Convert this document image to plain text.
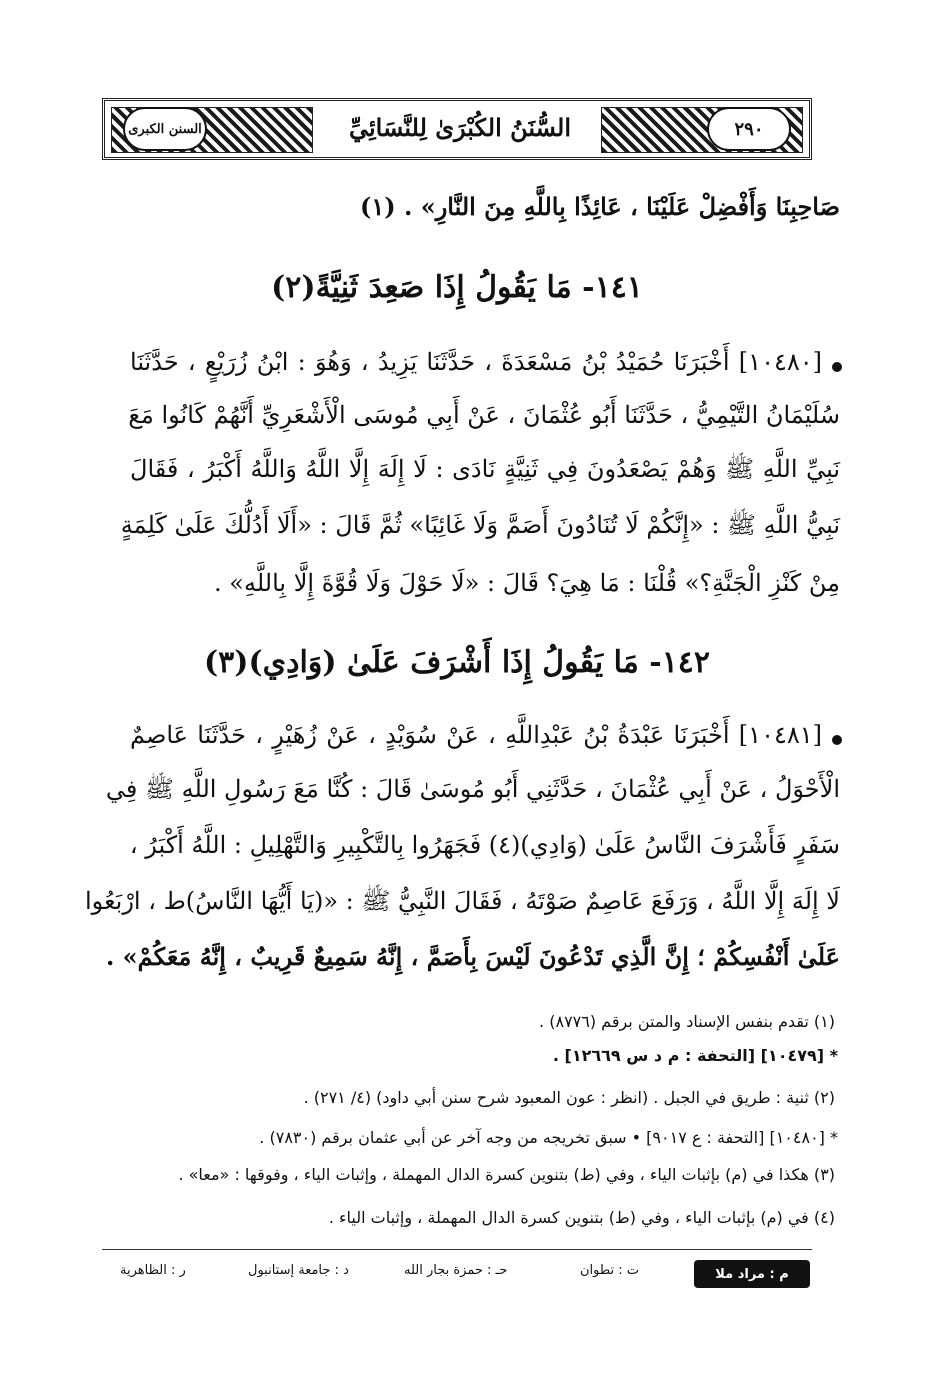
السنن الكبرى	السُّنَنُ الكُبْرَىٰ لِلنَّسَائِيِّ	٢٩٠
صَاحِبِنَا وَأَفْضِلْ عَلَيْنَا ، عَائِذًا بِاللَّهِ مِنَ النَّارِ» . (١)
١٤١- مَا يَقُولُ إِذَا صَعِدَ ثَنِيَّةً(٢)
[١٠٤٨٠] أَخْبَرَنَا حُمَيْدُ بْنُ مَسْعَدَةَ ، حَدَّثَنَا يَزِيدُ ، وَهُوَ : ابْنُ زُرَيْعٍ ، حَدَّثَنَا
سُلَيْمَانُ التَّيْمِيُّ ، حَدَّثَنَا أَبُو عُثْمَانَ ، عَنْ أَبِي مُوسَى الْأَشْعَرِيِّ أَنَّهُمْ كَانُوا مَعَ
نَبِيِّ اللَّهِ ﷺ وَهُمْ يَصْعَدُونَ فِي ثَنِيَّةٍ نَادَى : لَا إِلَهَ إِلَّا اللَّهُ وَاللَّهُ أَكْبَرُ ، فَقَالَ
نَبِيُّ اللَّهِ ﷺ : «إِنَّكُمْ لَا تُنَادُونَ أَصَمَّ وَلَا غَائِبًا» ثُمَّ قَالَ : «أَلَا أَدُلُّكَ عَلَىٰ كَلِمَةٍ
مِنْ كَنْزِ الْجَنَّةِ؟» قُلْنَا : مَا هِيَ؟ قَالَ : «لَا حَوْلَ وَلَا قُوَّةَ إِلَّا بِاللَّهِ» .
١٤٢- مَا يَقُولُ إِذَا أَشْرَفَ عَلَىٰ (وَادِي)(٣)
[١٠٤٨١] أَخْبَرَنَا عَبْدَةُ بْنُ عَبْدِاللَّهِ ، عَنْ سُوَيْدٍ ، عَنْ زُهَيْرٍ ، حَدَّثَنَا عَاصِمٌ
الْأَحْوَلُ ، عَنْ أَبِي عُثْمَانَ ، حَدَّثَنِي أَبُو مُوسَىٰ قَالَ : كُنَّا مَعَ رَسُولِ اللَّهِ ﷺ فِي
سَفَرٍ فَأَشْرَفَ النَّاسُ عَلَىٰ (وَادِي)(٤) فَجَهَرُوا بِالتَّكْبِيرِ وَالتَّهْلِيلِ : اللَّهُ أَكْبَرُ ،
لَا إِلَهَ إِلَّا اللَّهُ ، وَرَفَعَ عَاصِمٌ صَوْتَهُ ، فَقَالَ النَّبِيُّ ﷺ : «(يَا أَيُّهَا النَّاسُ)ط ، ارْبَعُوا
عَلَىٰ أَنْفُسِكُمْ ؛ إِنَّ الَّذِي تَدْعُونَ لَيْسَ بِأَصَمَّ ، إِنَّهُ سَمِيعٌ قَرِيبٌ ، إِنَّهُ مَعَكُمْ» .
(١) تقدم بنفس الإسناد والمتن برقم (٨٧٧٦) .
* [١٠٤٧٩] [التحفة : م د س ١٢٦٦٩] .
(٢) ثنية : طريق في الجبل . (انظر : عون المعبود شرح سنن أبي داود) (٤/ ٢٧١) .
* [١٠٤٨٠] [التحفة : ع ٩٠١٧] • سبق تخريجه من وجه آخر عن أبي عثمان برقم (٧٨٣٠) .
(٣) هكذا في (م) بإثبات الياء ، وفي (ط) بتنوين كسرة الدال المهملة ، وإثبات الياء ، وفوقها : «معا» .
(٤) في (م) بإثبات الياء ، وفي (ط) بتنوين كسرة الدال المهملة ، وإثبات الياء .
م : مراد ملا
ت : تطوان
حـ : حمزة بجار الله
د : جامعة إستانبول
ر : الظاهرية
